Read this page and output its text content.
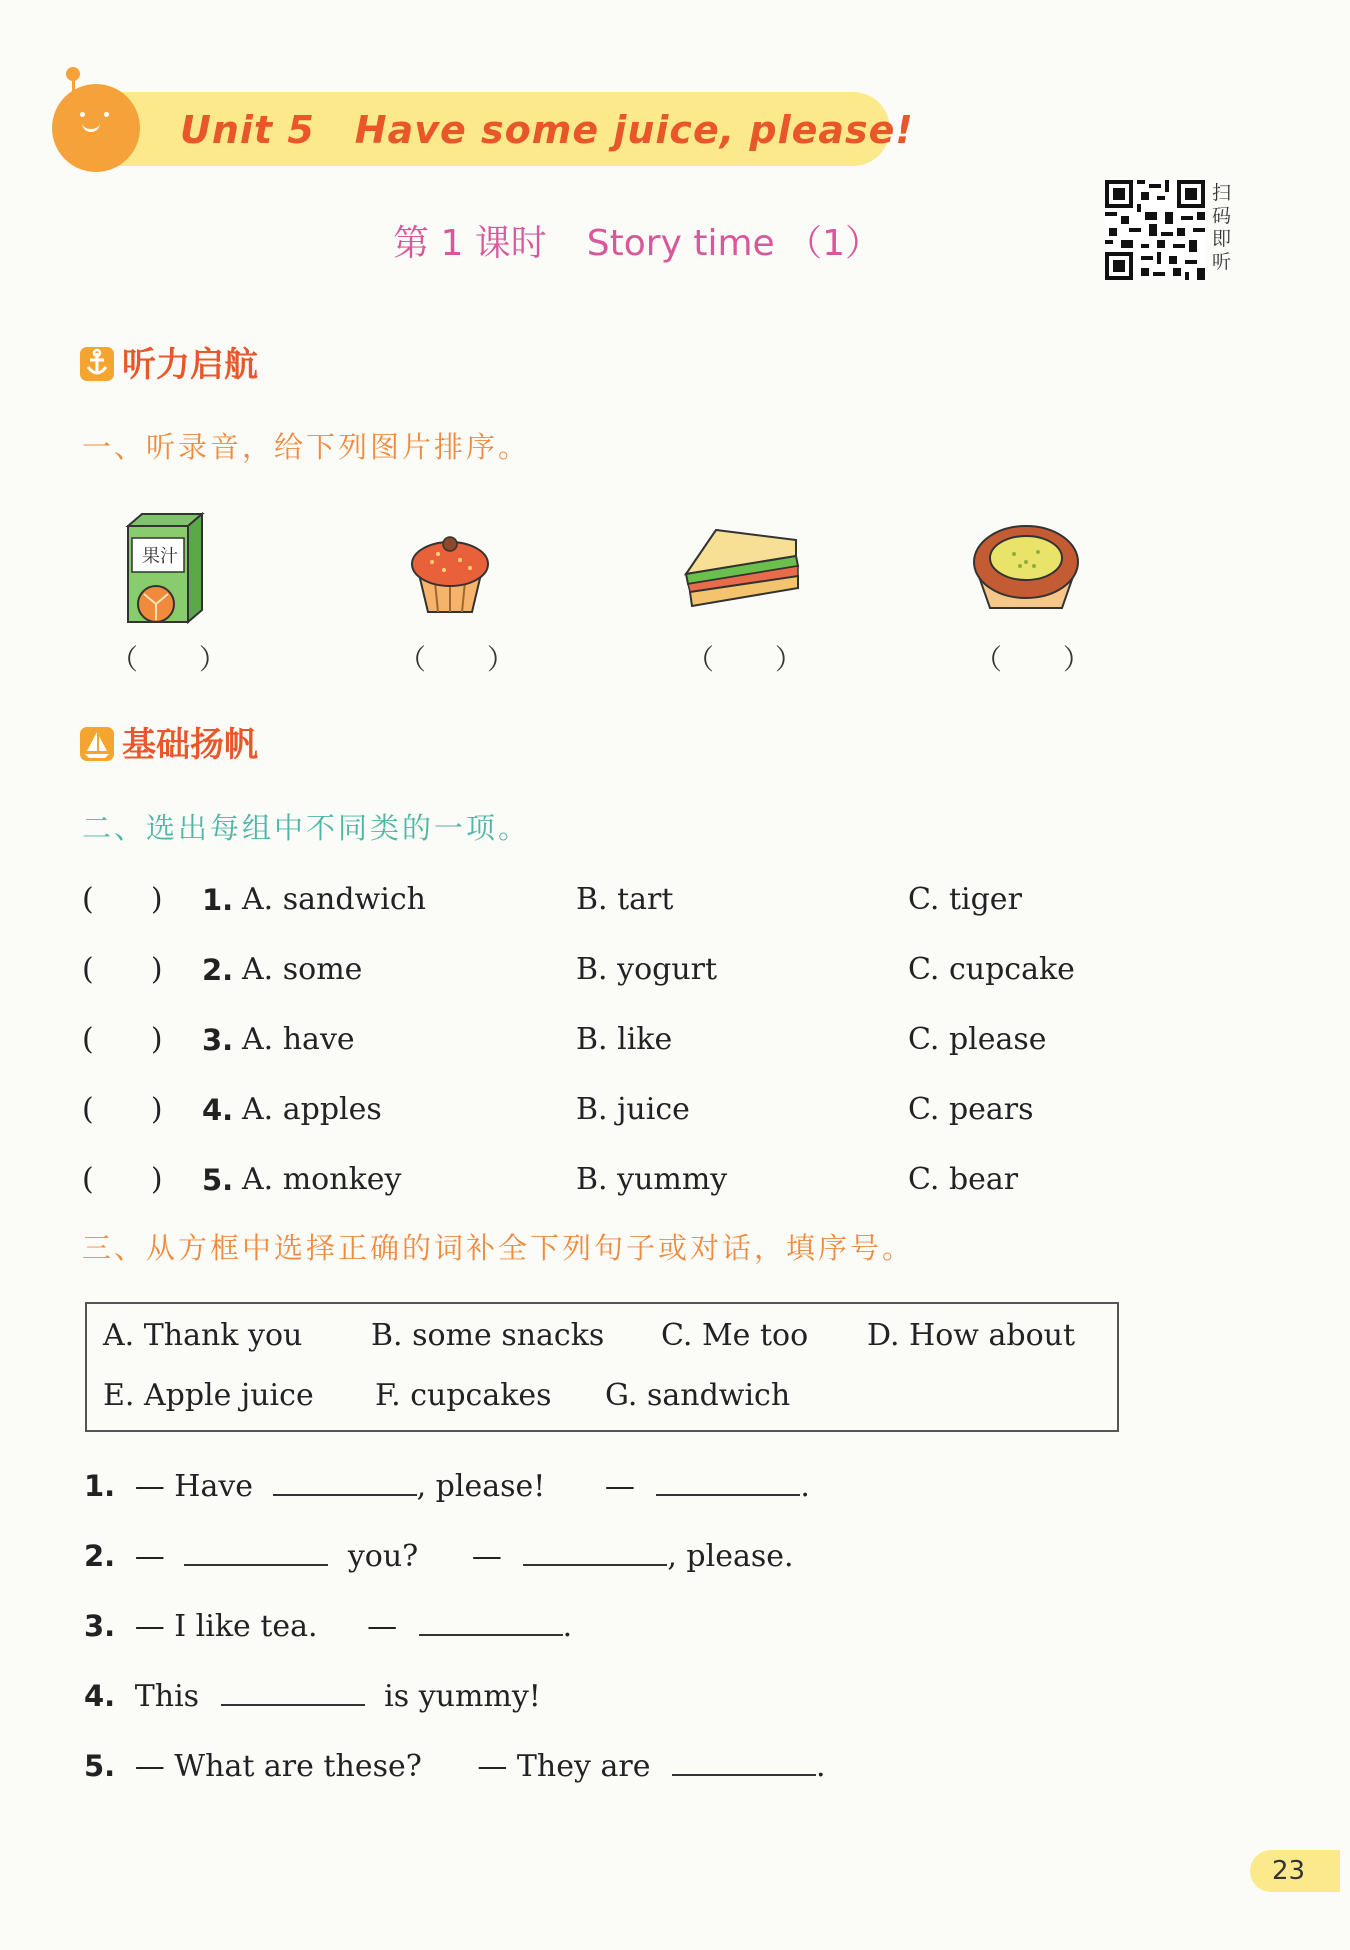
Unit 5 Have some juice, please!
第 1 课时 Story time （1）
扫码即听
听力启航
一、听录音，给下列图片排序。
果汁
（ ）	（ ）	（ ）	（ ）
基础扬帆
二、选出每组中不同类的一项。
(      ) 1. A. sandwich	B. tart	C. tiger
(      ) 2. A. some	B. yogurt	C. cupcake
(      ) 3. A. have	B. like	C. please
(      ) 4. A. apples	B. juice	C. pears
(      ) 5. A. monkey	B. yummy	C. bear
三、从方框中选择正确的词补全下列句子或对话，填序号。
A. Thank you B. some snacks C. Me too D. How about
E. Apple juice F. cupcakes G. sandwich
1. — Have	, please! —	.
2. —	you? —	, please.
3. — I like tea. —	.
4. This	is yummy!
5. — What are these? — They are	.
23
